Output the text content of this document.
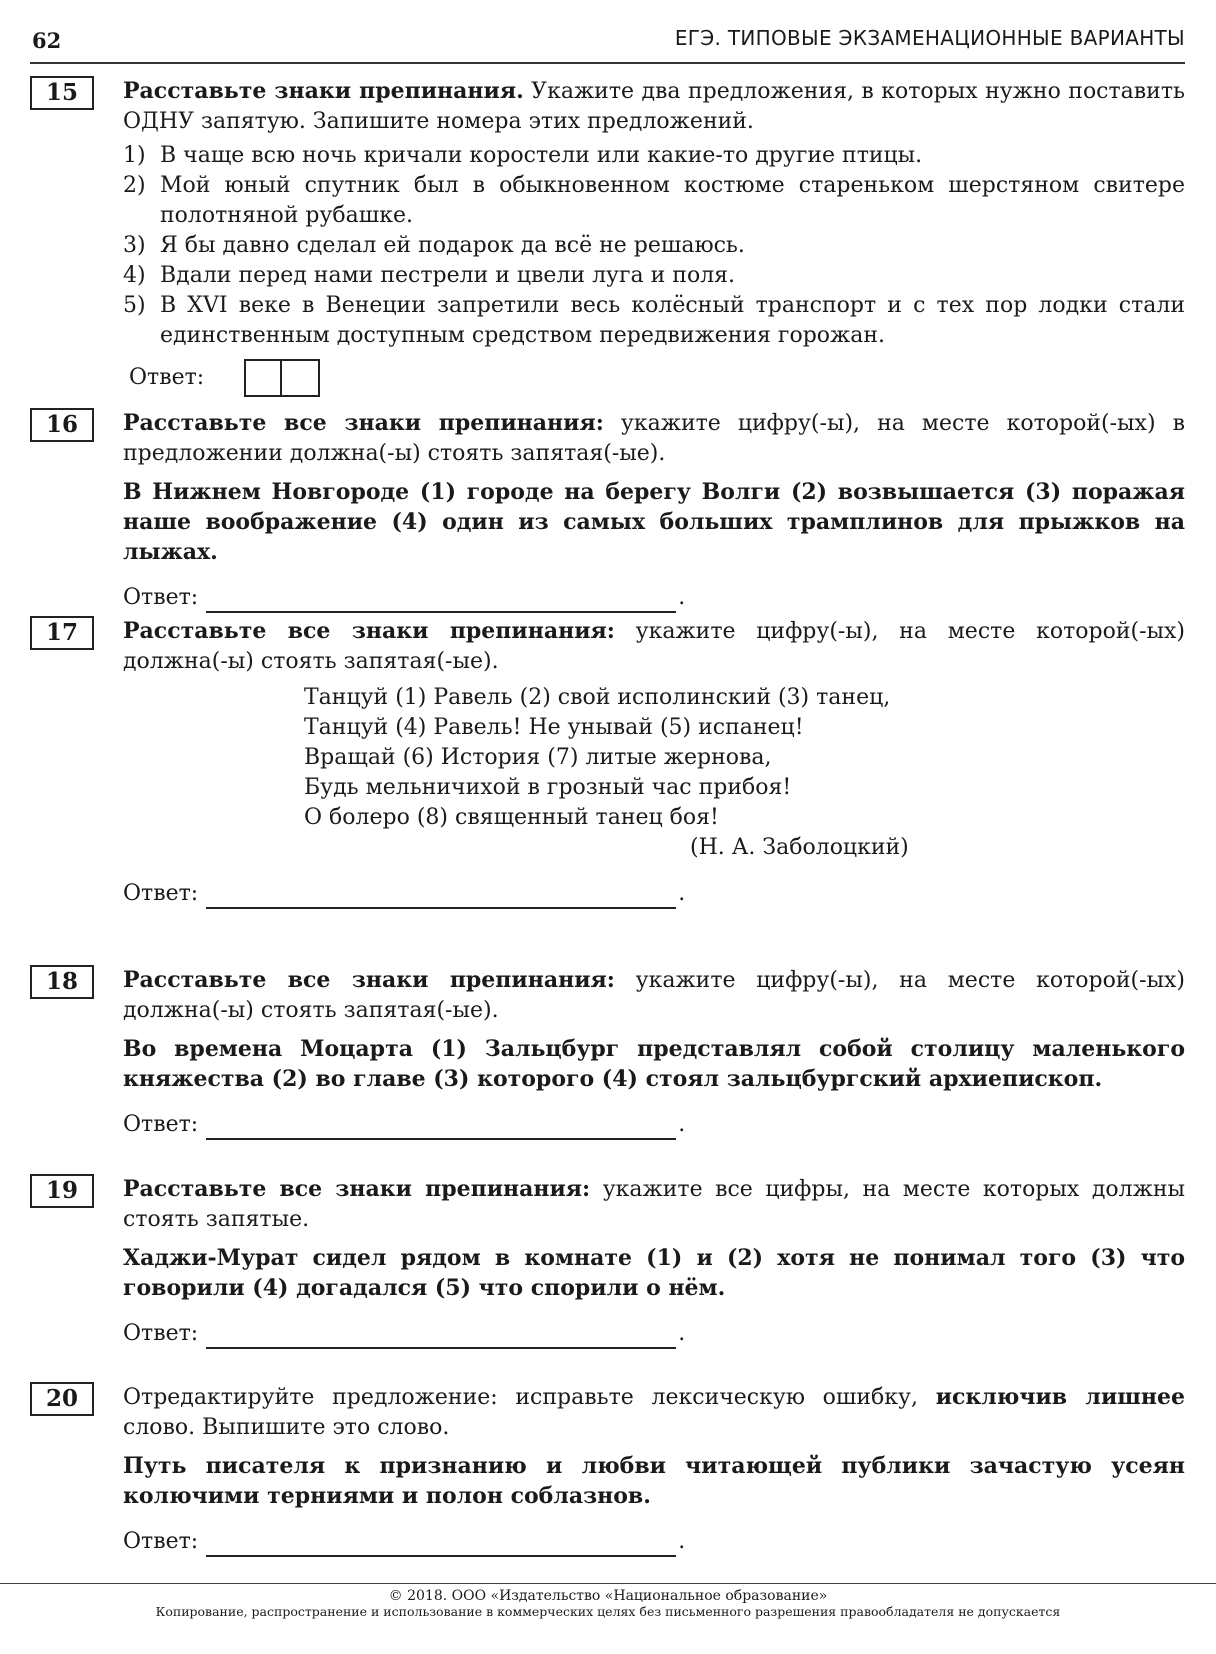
62	ЕГЭ. ТИПОВЫЕ ЭКЗАМЕНАЦИОННЫЕ ВАРИАНТЫ
15	Расставьте знаки препинания. Укажите два предложения, в которых нужно поставить ОДНУ запятую. Запишите номера этих предложений.
1) В чаще всю ночь кричали коростели или какие-то другие птицы.
2) Мой юный спутник был в обыкновенном костюме стареньком шерстяном свитере полотняной рубашке.
3) Я бы давно сделал ей подарок да всё не решаюсь.
4) Вдали перед нами пестрели и цвели луга и поля.
5) В XVI веке в Венеции запретили весь колёсный транспорт и с тех пор лодки стали единственным доступным средством передвижения горожан.
Ответ:
16	Расставьте все знаки препинания: укажите цифру(-ы), на месте которой(-ых) в предложении должна(-ы) стоять запятая(-ые).
В Нижнем Новгороде (1) городе на берегу Волги (2) возвышается (3) поражая наше воображение (4) один из самых больших трамплинов для прыжков на лыжах.
Ответ:	.
17	Расставьте все знаки препинания: укажите цифру(-ы), на месте которой(-ых) должна(-ы) стоять запятая(-ые).
Танцуй (1) Равель (2) свой исполинский (3) танец,
Танцуй (4) Равель! Не унывай (5) испанец!
Вращай (6) История (7) литые жернова,
Будь мельничихой в грозный час прибоя!
О болеро (8) священный танец боя!
(Н. А. Заболоцкий)
Ответ:	.
18	Расставьте все знаки препинания: укажите цифру(-ы), на месте которой(-ых) должна(-ы) стоять запятая(-ые).
Во времена Моцарта (1) Зальцбург представлял собой столицу маленького княжества (2) во главе (3) которого (4) стоял зальцбургский архиепископ.
Ответ:	.
19	Расставьте все знаки препинания: укажите все цифры, на месте которых должны стоять запятые.
Хаджи-Мурат сидел рядом в комнате (1) и (2) хотя не понимал того (3) что говорили (4) догадался (5) что спорили о нём.
Ответ:	.
20	Отредактируйте предложение: исправьте лексическую ошибку, исключив лишнее слово. Выпишите это слово.
Путь писателя к признанию и любви читающей публики зачастую усеян колючими терниями и полон соблазнов.
Ответ:	.
© 2018. ООО «Издательство «Национальное образование»
Копирование, распространение и использование в коммерческих целях без письменного разрешения правообладателя не допускается
